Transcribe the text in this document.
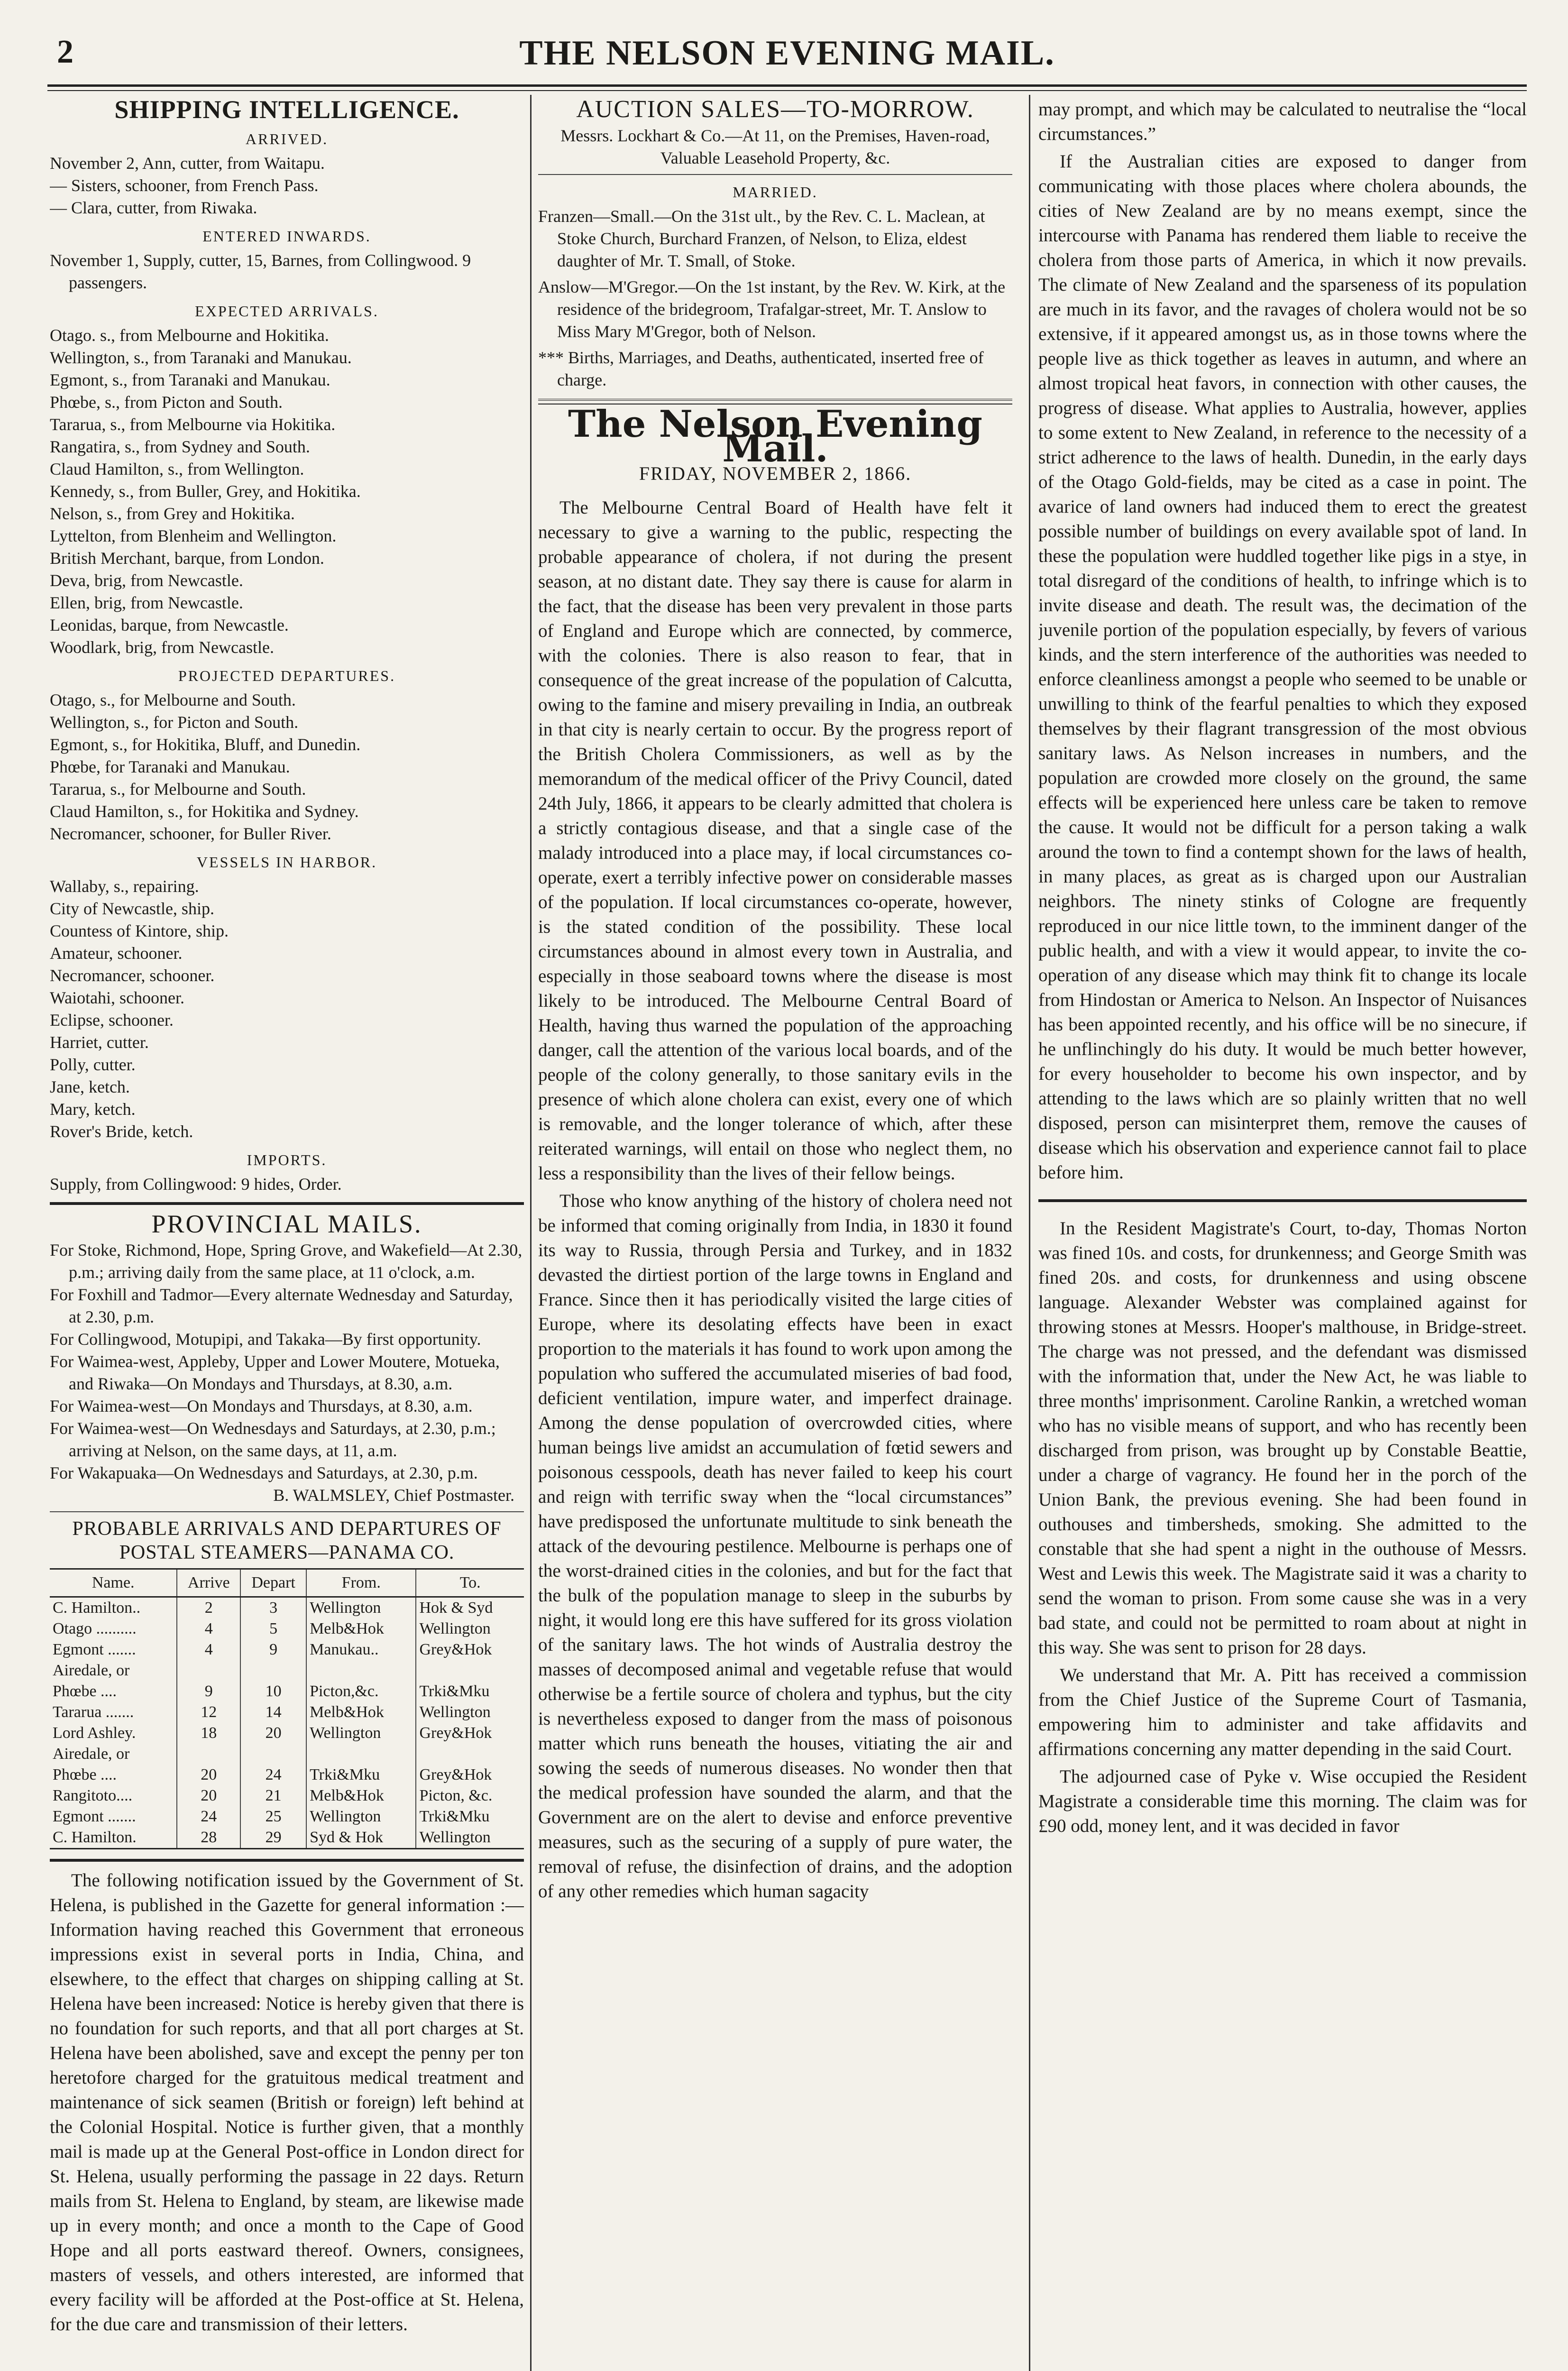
2	THE NELSON EVENING MAIL.
SHIPPING INTELLIGENCE.
ARRIVED.

November 2, Ann, cutter, from Waitapu.

— Sisters, schooner, from French Pass.

— Clara, cutter, from Riwaka.

ENTERED INWARDS.

November 1, Supply, cutter, 15, Barnes, from Collingwood. 9 passengers.

EXPECTED ARRIVALS.

Otago. s., from Melbourne and Hokitika.

Wellington, s., from Taranaki and Manukau.

Egmont, s., from Taranaki and Manukau.

Phœbe, s., from Picton and South.

Tararua, s., from Melbourne via Hokitika.

Rangatira, s., from Sydney and South.

Claud Hamilton, s., from Wellington.

Kennedy, s., from Buller, Grey, and Hokitika.

Nelson, s., from Grey and Hokitika.

Lyttelton, from Blenheim and Wellington.

British Merchant, barque, from London.

Deva, brig, from Newcastle.

Ellen, brig, from Newcastle.

Leonidas, barque, from Newcastle.

Woodlark, brig, from Newcastle.

PROJECTED DEPARTURES.

Otago, s., for Melbourne and South.

Wellington, s., for Picton and South.

Egmont, s., for Hokitika, Bluff, and Dunedin.

Phœbe, for Taranaki and Manukau.

Tararua, s., for Melbourne and South.

Claud Hamilton, s., for Hokitika and Sydney.

Necromancer, schooner, for Buller River.

VESSELS IN HARBOR.

Wallaby, s., repairing.

City of Newcastle, ship.

Countess of Kintore, ship.

Amateur, schooner.

Necromancer, schooner.

Waiotahi, schooner.

Eclipse, schooner.

Harriet, cutter.

Polly, cutter.

Jane, ketch.

Mary, ketch.

Rover's Bride, ketch.

IMPORTS.

Supply, from Collingwood: 9 hides, Order.

PROVINCIAL MAILS.

For Stoke, Richmond, Hope, Spring Grove, and Wakefield—At 2.30, p.m.; arriving daily from the same place, at 11 o'clock, a.m.

For Foxhill and Tadmor—Every alternate Wednesday and Saturday, at 2.30, p.m.

For Collingwood, Motupipi, and Takaka—By first opportunity.

For Waimea-west, Appleby, Upper and Lower Moutere, Motueka, and Riwaka—On Mondays and Thursdays, at 8.30, a.m.

For Waimea-west—On Mondays and Thursdays, at 8.30, a.m.

For Waimea-west—On Wednesdays and Saturdays, at 2.30, p.m.; arriving at Nelson, on the same days, at 11, a.m.

For Wakapuaka—On Wednesdays and Saturdays, at 2.30, p.m.

B. WALMSLEY, Chief Postmaster.

PROBABLE ARRIVALS AND DEPARTURES OF POSTAL STEAMERS—PANAMA CO.
Name.	Arrive	Depart	From.	To.
C. Hamilton..	2	3	Wellington	Hok & Syd
Otago ..........	4	5	Melb&Hok	Wellington
Egmont .......	4	9	Manukau..	Grey&Hok
Airedale, or				
Phœbe ....	9	10	Picton,&c.	Trki&Mku
Tararua .......	12	14	Melb&Hok	Wellington
Lord Ashley.	18	20	Wellington	Grey&Hok
Airedale, or				
Phœbe ....	20	24	Trki&Mku	Grey&Hok
Rangitoto....	20	21	Melb&Hok	Picton, &c.
Egmont .......	24	25	Wellington	Trki&Mku
C. Hamilton.	28	29	Syd & Hok	Wellington

The following notification issued by the Government of St. Helena, is published in the Gazette for general information :—Information having reached this Government that erroneous impressions exist in several ports in India, China, and elsewhere, to the effect that charges on shipping calling at St. Helena have been increased: Notice is hereby given that there is no foundation for such reports, and that all port charges at St. Helena have been abolished, save and except the penny per ton heretofore charged for the gratuitous medical treatment and maintenance of sick seamen (British or foreign) left behind at the Colonial Hospital. Notice is further given, that a monthly mail is made up at the General Post-office in London direct for St. Helena, usually performing the passage in 22 days. Return mails from St. Helena to England, by steam, are likewise made up in every month; and once a month to the Cape of Good Hope and all ports eastward thereof. Owners, consignees, masters of vessels, and others interested, are informed that every facility will be afforded at the Post-office at St. Helena, for the due care and transmission of their letters.

AUCTION SALES—TO-MORROW.

Messrs. Lockhart & Co.—At 11, on the Premises, Haven-road, Valuable Leasehold Property, &c.

MARRIED.

Franzen—Small.—On the 31st ult., by the Rev. C. L. Maclean, at Stoke Church, Burchard Franzen, of Nelson, to Eliza, eldest daughter of Mr. T. Small, of Stoke.

Anslow—M'Gregor.—On the 1st instant, by the Rev. W. Kirk, at the residence of the bridegroom, Trafalgar-street, Mr. T. Anslow to Miss Mary M'Gregor, both of Nelson.

*** Births, Marriages, and Deaths, authenticated, inserted free of charge.

The Nelson Evening Mail.
FRIDAY, NOVEMBER 2, 1866.

The Melbourne Central Board of Health have felt it necessary to give a warning to the public, respecting the probable appearance of cholera, if not during the present season, at no distant date. They say there is cause for alarm in the fact, that the disease has been very prevalent in those parts of England and Europe which are connected, by commerce, with the colonies. There is also reason to fear, that in consequence of the great increase of the population of Calcutta, owing to the famine and misery prevailing in India, an outbreak in that city is nearly certain to occur. By the progress report of the British Cholera Commissioners, as well as by the memorandum of the medical officer of the Privy Council, dated 24th July, 1866, it appears to be clearly admitted that cholera is a strictly contagious disease, and that a single case of the malady introduced into a place may, if local circumstances co-operate, exert a terribly infective power on considerable masses of the population. If local circumstances co-operate, however, is the stated condition of the possibility. These local circumstances abound in almost every town in Australia, and especially in those seaboard towns where the disease is most likely to be introduced. The Melbourne Central Board of Health, having thus warned the population of the approaching danger, call the attention of the various local boards, and of the people of the colony generally, to those sanitary evils in the presence of which alone cholera can exist, every one of which is removable, and the longer tolerance of which, after these reiterated warnings, will entail on those who neglect them, no less a responsibility than the lives of their fellow beings.

Those who know anything of the history of cholera need not be informed that coming originally from India, in 1830 it found its way to Russia, through Persia and Turkey, and in 1832 devasted the dirtiest portion of the large towns in England and France. Since then it has periodically visited the large cities of Europe, where its desolating effects have been in exact proportion to the materials it has found to work upon among the population who suffered the accumulated miseries of bad food, deficient ventilation, impure water, and imperfect drainage. Among the dense population of overcrowded cities, where human beings live amidst an accumulation of fœtid sewers and poisonous cesspools, death has never failed to keep his court and reign with terrific sway when the “local circumstances” have predisposed the unfortunate multitude to sink beneath the attack of the devouring pestilence. Melbourne is perhaps one of the worst-drained cities in the colonies, and but for the fact that the bulk of the population manage to sleep in the suburbs by night, it would long ere this have suffered for its gross violation of the sanitary laws. The hot winds of Australia destroy the masses of decomposed animal and vegetable refuse that would otherwise be a fertile source of cholera and typhus, but the city is nevertheless exposed to danger from the mass of poisonous matter which runs beneath the houses, vitiating the air and sowing the seeds of numerous diseases. No wonder then that the medical profession have sounded the alarm, and that the Government are on the alert to devise and enforce preventive measures, such as the securing of a supply of pure water, the removal of refuse, the disinfection of drains, and the adoption of any other remedies which human sagacity

may prompt, and which may be calculated to neutralise the “local circumstances.”

If the Australian cities are exposed to danger from communicating with those places where cholera abounds, the cities of New Zealand are by no means exempt, since the intercourse with Panama has rendered them liable to receive the cholera from those parts of America, in which it now prevails. The climate of New Zealand and the sparseness of its population are much in its favor, and the ravages of cholera would not be so extensive, if it appeared amongst us, as in those towns where the people live as thick together as leaves in autumn, and where an almost tropical heat favors, in connection with other causes, the progress of disease. What applies to Australia, however, applies to some extent to New Zealand, in reference to the necessity of a strict adherence to the laws of health. Dunedin, in the early days of the Otago Gold-fields, may be cited as a case in point. The avarice of land owners had induced them to erect the greatest possible number of buildings on every available spot of land. In these the population were huddled together like pigs in a stye, in total disregard of the conditions of health, to infringe which is to invite disease and death. The result was, the decimation of the juvenile portion of the population especially, by fevers of various kinds, and the stern interference of the authorities was needed to enforce cleanliness amongst a people who seemed to be unable or unwilling to think of the fearful penalties to which they exposed themselves by their flagrant transgression of the most obvious sanitary laws. As Nelson increases in numbers, and the population are crowded more closely on the ground, the same effects will be experienced here unless care be taken to remove the cause. It would not be difficult for a person taking a walk around the town to find a contempt shown for the laws of health, in many places, as great as is charged upon our Australian neighbors. The ninety stinks of Cologne are frequently reproduced in our nice little town, to the imminent danger of the public health, and with a view it would appear, to invite the co-operation of any disease which may think fit to change its locale from Hindostan or America to Nelson. An Inspector of Nuisances has been appointed recently, and his office will be no sinecure, if he unflinchingly do his duty. It would be much better however, for every householder to become his own inspector, and by attending to the laws which are so plainly written that no well disposed, person can misinterpret them, remove the causes of disease which his observation and experience cannot fail to place before him.

In the Resident Magistrate's Court, to-day, Thomas Norton was fined 10s. and costs, for drunkenness; and George Smith was fined 20s. and costs, for drunkenness and using obscene language. Alexander Webster was complained against for throwing stones at Messrs. Hooper's malthouse, in Bridge-street. The charge was not pressed, and the defendant was dismissed with the information that, under the New Act, he was liable to three months' imprisonment. Caroline Rankin, a wretched woman who has no visible means of support, and who has recently been discharged from prison, was brought up by Constable Beattie, under a charge of vagrancy. He found her in the porch of the Union Bank, the previous evening. She had been found in outhouses and timbersheds, smoking. She admitted to the constable that she had spent a night in the outhouse of Messrs. West and Lewis this week. The Magistrate said it was a charity to send the woman to prison. From some cause she was in a very bad state, and could not be permitted to roam about at night in this way. She was sent to prison for 28 days.

We understand that Mr. A. Pitt has received a commission from the Chief Justice of the Supreme Court of Tasmania, empowering him to administer and take affidavits and affirmations concerning any matter depending in the said Court.

The adjourned case of Pyke v. Wise occupied the Resident Magistrate a considerable time this morning. The claim was for £90 odd, money lent, and it was decided in favor
